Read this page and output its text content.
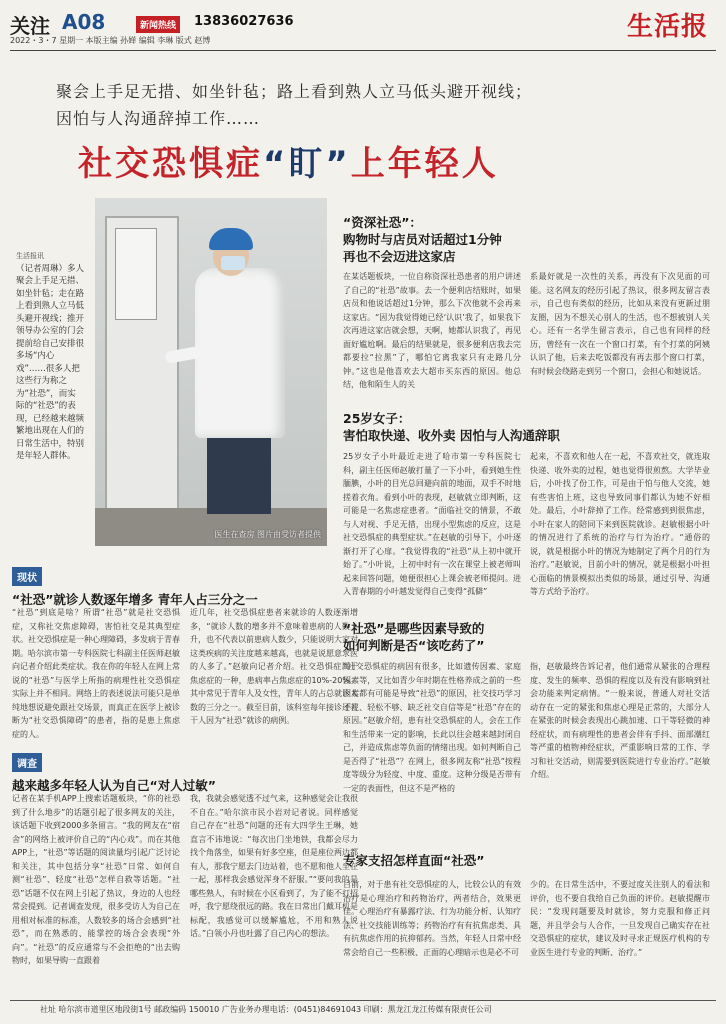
关注 A08	新闻热线	13836027636	生活报
2022・3・7 星期一 本版主编 孙婵 编辑 李琳 版式 赵博
聚会上手足无措、如坐针毡；路上看到熟人立马低头避开视线；
因怕与人沟通辞掉工作……
社交恐惧症“盯”上年轻人
生活报讯
（记者周琳）多人聚会上手足无措、如坐针毡；走在路上看到熟人立马低头避开视线；推开领导办公室的门会提前给自己安排很多场“内心戏”……很多人把这些行为称之为“社恐”，而实际的“社恐”的表现，已经越来越频繁地出现在人们的日常生活中，特别是年轻人群体。
医生在查房 图片由受访者提供
现状
“社恐”就诊人数逐年增多 青年人占三分之一
“社恐”到底是啥？所谓“社恐”就是社交恐惧症，又称社交焦虑障碍，害怕社交是其典型症状。社交恐惧症是一种心理障碍，多发病于青春期。哈尔滨市第一专科医院七科副主任医师赵敏向记者介绍此类症状。我在你的年轻人在网上常说的“社恐”与医学上所指的病理性社交恐惧症实际上并不相同。网络上的表述说法可能只是单纯地想说避免跟社交场景，而真正在医学上被诊断为“社交恐惧障碍”的患者，指的是患上焦虑症的人。
近几年，社交恐惧症患者来就诊的人数逐渐增多，“就诊人数的增多并不意味着患病的人数上升，也不代表以前患病人数少，只能说明大家对这类疾病的关注度越来越高，也就是说愿意求医的人多了。”赵敏向记者介绍。社交恐惧症属于焦虑症的一种，患病率占焦虑症的10%-20%。其中常见于青年人及女性，青年人的占总就诊人数的三分之一。截至目前，该科室每年接诊过若干人因为“社恐”就诊的病例。
调查
越来越多年轻人认为自己“对人过敏”
记者在某手机APP上搜索话题板块，“你的社恐到了什么地步”的话题引起了很多网友的关注，该话题下收到2000多条留言。“我的网友在“宿舍”的网络上被评价自己的“内心戏”。而在其他APP上，“社恐”等话题的阅读量均引起广泛讨论和关注，其中包括分享“社恐”日常、如何自测“社恐”、轻度“社恐”怎样自救等话题。“社恐”话题不仅在网上引起了热议，身边的人也经常会提到。记者调查发现，很多受访人为自己在用相对标准的标准，人数较多的场合会感到“社恐”，而在熟悉的、能掌控的场合会表现“外向”。“社恐”的反应通常与不会拒绝的“出去购物时，如果导购一直跟着
我，我就会感觉透不过气来，这种感觉会让我很不自在。”哈尔滨市民小岩对记者说。同样感觉自己存在“社恐”问题的还有大四学生王琳，她直言不讳地说：“每次出门坐地铁，我都会尽力找个角落坐，如果有好多空座，但是座位两边都有人，那我宁愿去门边站着，也不愿和他人坐在一起，那样我会感觉浑身不舒服。”“要问我的是哪些熟人，有时候在小区看到了，为了能不打招呼，我宁愿绕很远的路。我在日常出门戴耳机是标配，我感觉可以缓解尴尬，不用和熟人说话。”白领小丹也吐露了自己内心的想法。
“资深社恐”：
购物时与店员对话超过1分钟
再也不会迈进这家店
在某话题板块，一位自称资深社恐患者的用户讲述了自己的“社恐”故事。去一个便利店结账时，如果店员和他说话超过1分钟，那么下次他就不会再来这家店。“因为我觉得她已经‘认识’我了，如果我下次再进这家店就会想，天啊，她都认识我了，再见面好尴尬啊。最后的结果就是，很多便利店我去完都要拉“拉黑”了，哪怕它离我家只有走路几分钟。”这也是他喜欢去大超市买东西的原因。他总结，他和陌生人的关
系最好就是一次性的关系，再没有下次见面的可能。这名网友的经历引起了热议，很多网友留言表示，自己也有类似的经历，比如从来没有更新过朋友圈，因为不想关心别人的生活，也不想被别人关心。还有一名学生留言表示，自己也有同样的经历，曾经有一次在一个窗口打菜，有个打菜的阿姨认识了他，后来去吃饭都没有再去那个窗口打菜，有时候会绕路走到另一个窗口，会担心和她说话。
25岁女子：
害怕取快递、收外卖 因怕与人沟通辞职
25岁女子小叶最近走进了哈市第一专科医院七科，副主任医师赵敏打量了一下小叶，看到她生性腼腆，小叶的目光总回避向前的地面，双手不时地搓着衣角。看到小叶的表现，赵敏就立即判断，这可能是一名焦虑症患者。“面临社交的情景，不敢与人对视、手足无措，出现小型焦虑的反应，这是社交恐惧症的典型症状。”在赵敏的引导下，小叶逐渐打开了心扉。“我觉得我的“社恐”从上初中就开始了。”小叶说，上初中时有一次在课堂上被老师叫起来回答问题，她便很担心上课会被老师提问。进入青春期的小叶越发觉得自己变得“孤僻”
起来，不喜欢和他人在一起，不喜欢社交，就连取快递、收外卖的过程，她也觉得很煎熬。大学毕业后，小叶找了份工作，可是由于怕与他人交流，她有些害怕上班，这也导致同事们都认为她不好相处。最后，小叶辞掉了工作。经常感到到很焦虑，小叶在家人的陪同下来到医院就诊。赵敏根据小叶的情况进行了系统的治疗与行为治疗。“通俗的说，就是根据小叶的情况为她制定了两个月的行为治疗。”赵敏说，目前小叶的情况，就是根据小叶担心面临的情景模拟出类似的场景，通过引导、沟通等方式给予治疗。
“社恐”是哪些因素导致的
如何判断是否“该吃药了”
“社交恐惧症的病因有很多，比如遗传因素、家庭因素等，又比如青少年时期在性格养成之前的一些因素都有可能是导致“社恐”的原因，社交技巧学习不足、轻松不够、缺乏社交自信等是“社恐”存在的原因。”赵敏介绍，患有社交恐惧症的人，会在工作和生活带来一定的影响，长此以往会越来越封闭自己，并造成焦虑等负面的情绪出现。如何判断自己是否得了“社恐”？在网上，很多网友称“社恐”按程度等级分为轻度、中度、重度。这种分级是否带有一定的表面性，但这不是严格的
指，赵敏最终告诉记者，他们通常从紧张的合理程度、发生的频率、恐惧的程度以及有没有影响到社会功能来判定病情。“一般来说，普通人对社交活动存在一定的紧张和焦虑心理是正常的，大部分人在紧张的时候会表现出心跳加速、口干等轻微的神经症状，而有病理性的患者会伴有手抖、面部潮红等严重的植物神经症状，严重影响日常的工作、学习和社交活动，则需要到医院进行专业治疗。”赵敏介绍。
专家支招怎样直面“社恐”
目前，对于患有社交恐惧症的人，比较公认的有效治疗是心理治疗和药物治疗，两者结合，效果更佳。心理治疗有暴露疗法、行为功能分析、认知疗法、社交技能训练等；药物治疗有有抗焦虑类、具有抗焦虑作用的抗抑郁药。当然，年轻人日常中经常会给自己一些积极、正面的心理暗示也是必不可
少的。在日常生活中，不要过度关注别人的看法和评价，也不要自我给自己负面的评价。赵敏提醒市民：“发现问题要及时就诊，努力克服和修正问题，并且学会与人合作，一旦发现自己确实存在社交恐惧症的症状，建议及时寻求正规医疗机构的专业医生进行专业的判断、治疗。”
社址 哈尔滨市道里区地段街1号 邮政编码 150010 广告业务办理电话：(0451)84691043 印刷：黑龙江龙江传媒有限责任公司
